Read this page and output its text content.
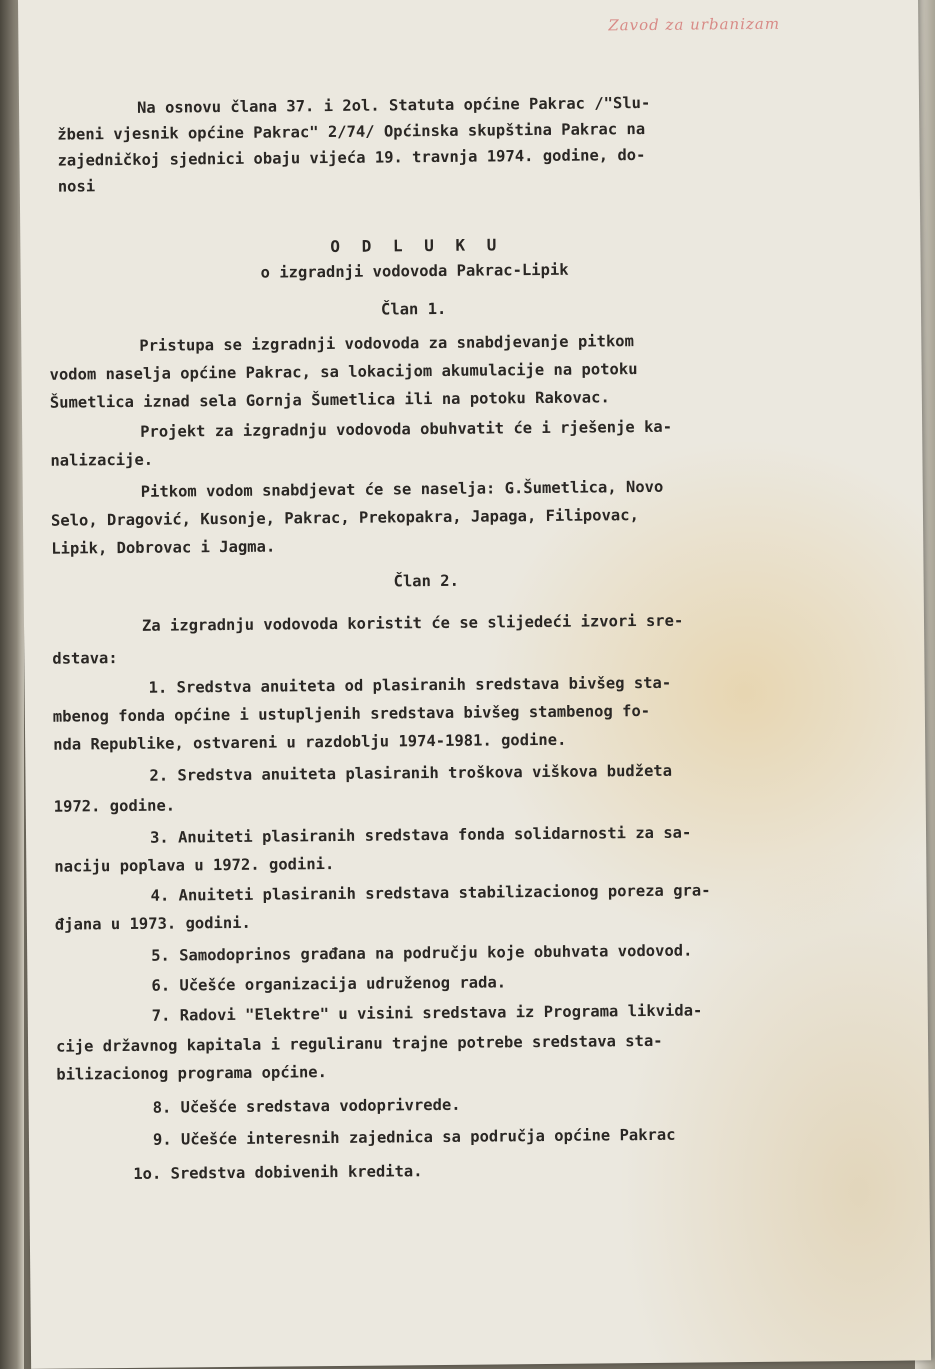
Zavod za urbanizam
Na osnovu člana 37. i 2ol. Statuta općine Pakrac /"Slu-
žbeni vjesnik općine Pakrac" 2/74/ Općinska skupština Pakrac na
zajedničkoj sjednici obaju vijeća 19. travnja 1974. godine, do-
nosi
O D L U K U
o izgradnji vodovoda Pakrac-Lipik
Član 1.
Pristupa se izgradnji vodovoda za snabdjevanje pitkom
vodom naselja općine Pakrac, sa lokacijom akumulacije na potoku
Šumetlica iznad sela Gornja Šumetlica ili na potoku Rakovac.
Projekt za izgradnju vodovoda obuhvatit će i rješenje ka-
nalizacije.
Pitkom vodom snabdjevat će se naselja: G.Šumetlica, Novo
Selo, Dragović, Kusonje, Pakrac, Prekopakra, Japaga, Filipovac,
Lipik, Dobrovac i Jagma.
Član 2.
Za izgradnju vodovoda koristit će se slijedeći izvori sre-
dstava:
1. Sredstva anuiteta od plasiranih sredstava bivšeg sta-
mbenog fonda općine i ustupljenih sredstava bivšeg stambenog fo-
nda Republike, ostvareni u razdoblju 1974-1981. godine.
2. Sredstva anuiteta plasiranih troškova viškova budžeta
1972. godine.
3. Anuiteti plasiranih sredstava fonda solidarnosti za sa-
naciju poplava u 1972. godini.
4. Anuiteti plasiranih sredstava stabilizacionog poreza gra-
đjana u 1973. godini.
5. Samodoprinos građana na području koje obuhvata vodovod.
6. Učešće organizacija udruženog rada.
7. Radovi "Elektre" u visini sredstava iz Programa likvida-
cije državnog kapitala i reguliranu trajne potrebe sredstava sta-
bilizacionog programa općine.
8. Učešće sredstava vodoprivrede.
9. Učešće interesnih zajednica sa područja općine Pakrac
1o. Sredstva dobivenih kredita.
